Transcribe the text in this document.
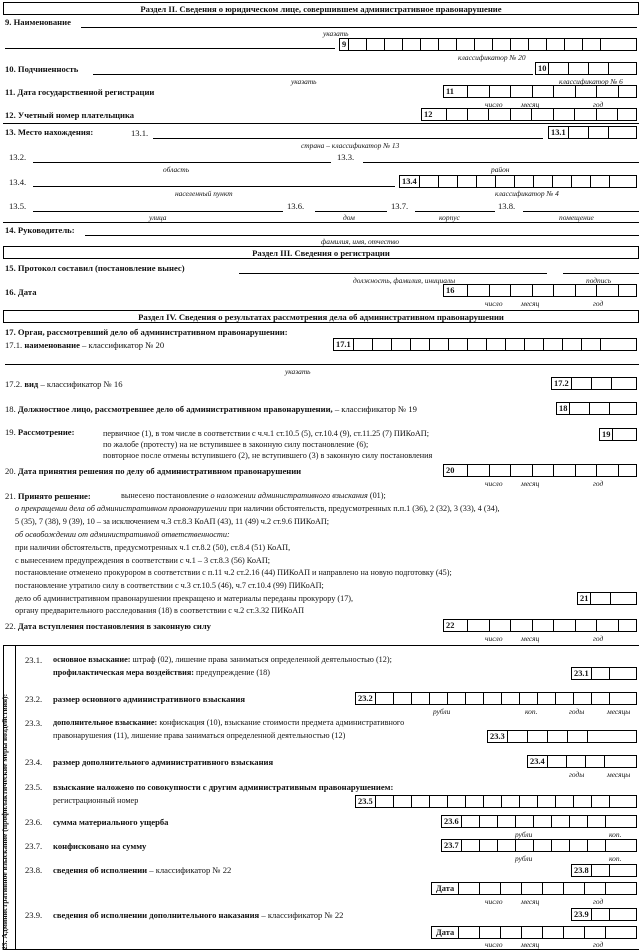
Раздел II. Сведения о юридическом лице, совершившем административное правонарушение
9. Наименование
указать
9
классификатор № 20
10. Подчиненность	10
указать	классификатор № 6
11. Дата государственной регистрации	11
число месяц	год
12. Учетный номер плательщика	12
13. Место нахождения:	13.1.	13.1
страна – классификатор № 13
13.2.	13.3.
область	район
13.4.	13.4
населенный пункт	классификатор № 4
13.5.	13.6.	13.7.	13.8.
улица	дом	корпус	помещение
14. Руководитель:
фамилия, имя, отчество
Раздел III. Сведения о регистрации
15. Протокол составил (постановление вынес)
должность, фамилия, инициалы	подпись
16. Дата	16
число месяц	год
Раздел IV. Сведения о результатах рассмотрения дела об административном правонарушении
17. Орган, рассмотревший дело об административном правонарушении:
17.1. наименование – классификатор № 20	17.1
указать
17.2. вид – классификатор № 16	17.2
18. Должностное лицо, рассмотревшее дело об административном правонарушении, – классификатор № 19	18
19. Рассмотрение:	первичное (1), в том числе в соответствии с ч.ч.1 ст.10.5 (5), ст.10.4 (9), ст.11.25 (7) ПИКоАП;
по жалобе (протесту) на не вступившее в законную силу постановление (6);
повторное после отмены вступившего (2), не вступившего (3) в законную силу постановления
19
20. Дата принятия решения по делу об административном правонарушении	20
число месяц	год
21. Принято решение:	вынесено постановление о наложении административного взыскания (01);
о прекращении дела об административном правонарушении при наличии обстоятельств, предусмотренных п.п.1 (36), 2 (32), 3 (33), 4 (34),
5 (35), 7 (38), 9 (39), 10 – за исключением ч.3 ст.8.3 КоАП (43), 11 (49) ч.2 ст.9.6 ПИКоАП;
об освобождении от административной ответственности:
при наличии обстоятельств, предусмотренных ч.1 ст.8.2 (50), ст.8.4 (51) КоАП,
с вынесением предупреждения в соответствии с ч.1 – 3 ст.8.3 (56) КоАП;
постановление отменено прокурором в соответствии с п.11 ч.2 ст.2.16 (44) ПИКоАП и направлено на новую подготовку (45);
постановление утратило силу в соответствии с ч.3 ст.10.5 (46), ч.7 ст.10.4 (99) ПИКоАП;
дело об административном правонарушении прекращено и материалы переданы прокурору (17),
органу предварительного расследования (18) в соответствии с ч.2 ст.3.32 ПИКоАП
21
22. Дата вступления постановления в законную силу	22
число месяц	год
23. Административное взыскание (профилактические меры воздействия):
23.1. основное взыскание: штраф (02), лишение права заниматься определенной деятельностью (12);
профилактическая мера воздействия: предупреждение (18)	23.1
23.2. размер основного административного взыскания	23.2
рубли	коп.	годы	месяцы
23.3. дополнительное взыскание: конфискация (10), взыскание стоимости предмета административного
правонарушения (11), лишение права заниматься определенной деятельностью (12)	23.3
23.4. размер дополнительного административного взыскания	23.4
годы	месяцы
23.5. взыскание наложено по совокупности с другим административным правонарушением:
регистрационный номер	23.5
23.6. сумма материального ущерба	23.6
рубли	коп.
23.7. конфисковано на сумму	23.7
рубли	коп.
23.8. сведения об исполнении – классификатор № 22	23.8
Дата
число месяц	год
23.9. сведения об исполнении дополнительного наказания – классификатор № 22	23.9
Дата
число месяц	год
